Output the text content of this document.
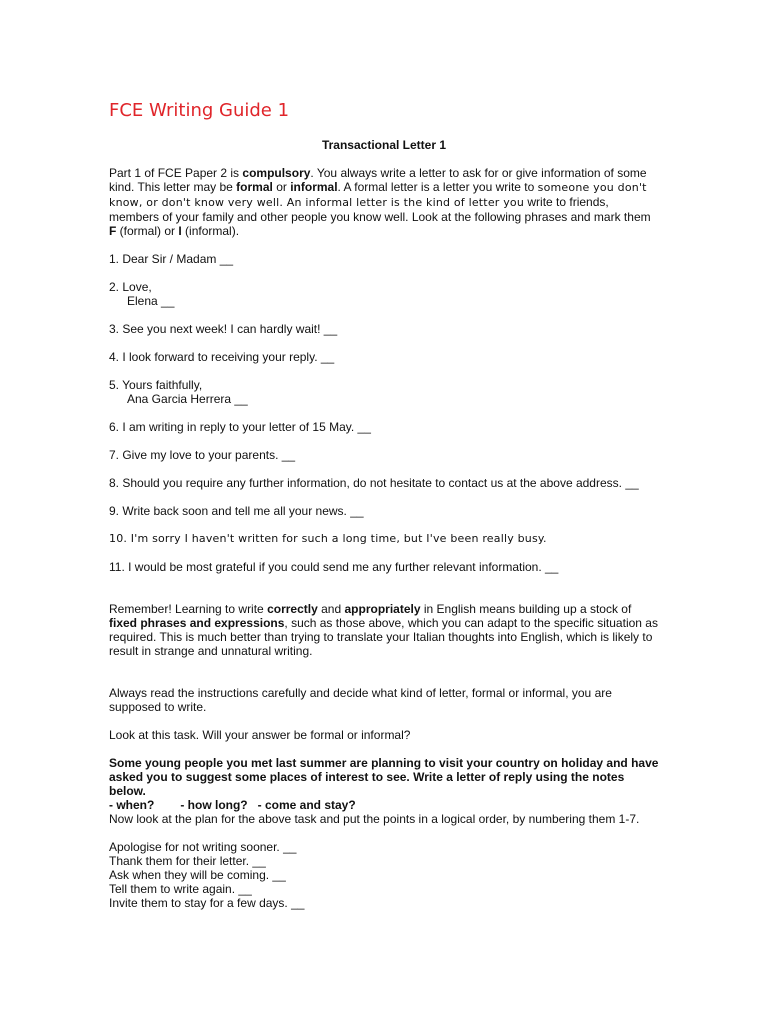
FCE Writing Guide 1
Transactional Letter 1

Part 1 of FCE Paper 2 is compulsory. You always write a letter to ask for or give information of some kind. This letter may be formal or informal. A formal letter is a letter you write to someone you don't know, or don't know very well. An informal letter is the kind of letter you write to friends, members of your family and other people you know well. Look at the following phrases and mark them F (formal) or I (informal).

1. Dear Sir / Madam __

2. Love,

Elena __

3. See you next week! I can hardly wait! __

4. I look forward to receiving your reply. __

5. Yours faithfully,

Ana Garcia Herrera __

6. I am writing in reply to your letter of 15 May. __

7. Give my love to your parents. __

8. Should you require any further information, do not hesitate to contact us at the above address. __

9. Write back soon and tell me all your news. __

10. I'm sorry I haven't written for such a long time, but I've been really busy.

11. I would be most grateful if you could send me any further relevant information. __

Remember! Learning to write correctly and appropriately in English means building up a stock of fixed phrases and expressions, such as those above, which you can adapt to the specific situation as required. This is much better than trying to translate your Italian thoughts into English, which is likely to result in strange and unnatural writing.

Always read the instructions carefully and decide what kind of letter, formal or informal, you are supposed to write.

Look at this task. Will your answer be formal or informal?

Some young people you met last summer are planning to visit your country on holiday and have asked you to suggest some places of interest to see. Write a letter of reply using the notes below.

- when? - how long? - come and stay?

Now look at the plan for the above task and put the points in a logical order, by numbering them 1-7.

Apologise for not writing sooner. __

Thank them for their letter. __

Ask when they will be coming. __

Tell them to write again. __

Invite them to stay for a few days. __
